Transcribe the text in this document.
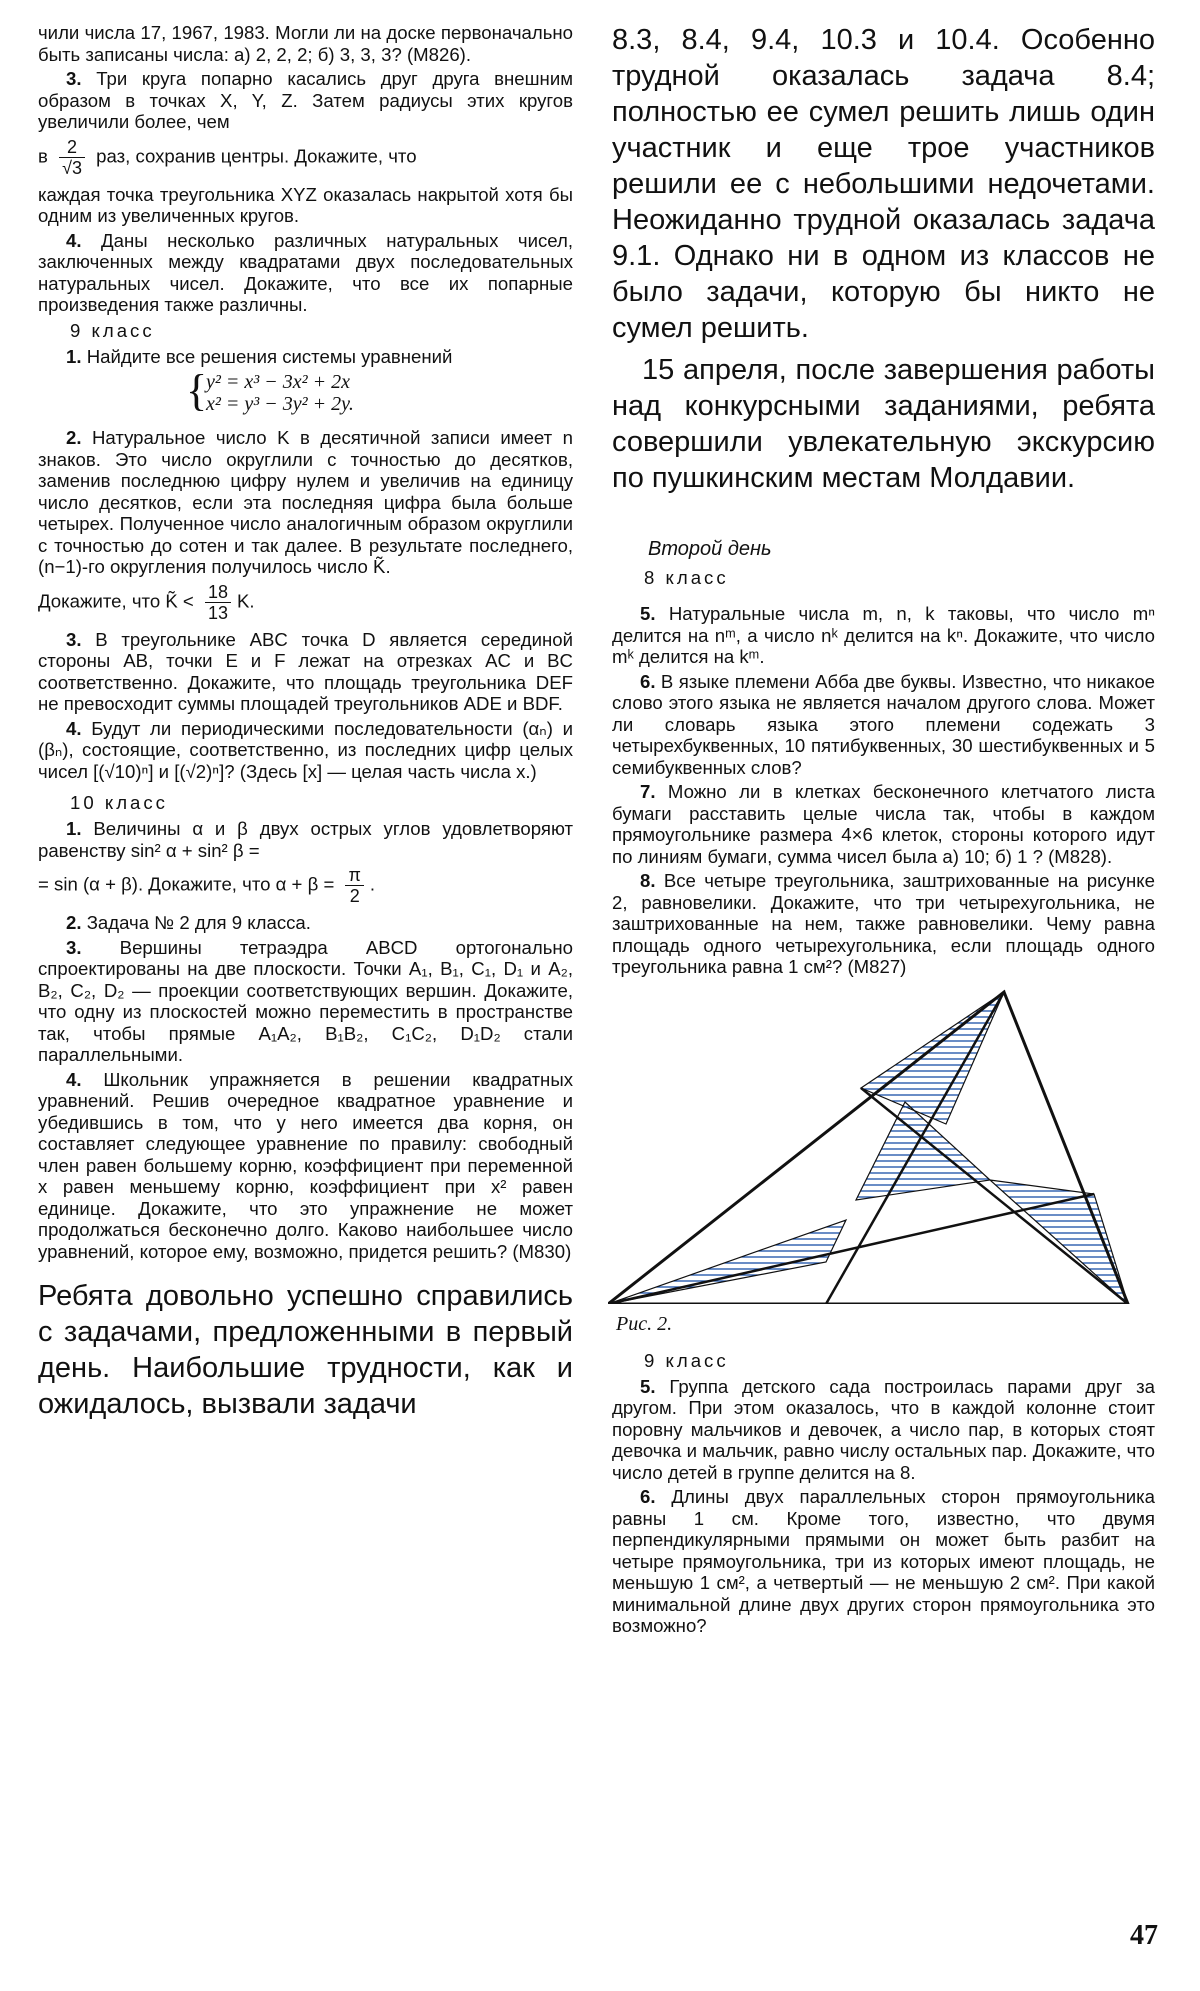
чили числа 17, 1967, 1983. Могли ли на доске первоначально быть записаны числа: а) 2, 2, 2; б) 3, 3, 3? (М826).

3. Три круга попарно касались друг друга внешним образом в точках X, Y, Z. Затем радиусы этих кругов увеличили более, чем

в $\frac{2}{√3}$ раз, сохранив центры. Докажите, что

каждая точка треугольника XYZ оказалась накрытой хотя бы одним из увеличенных кругов.

4. Даны несколько различных натуральных чисел, заключенных между квадратами двух последовательных натуральных чисел. Докажите, что все их попарные произведения также различны.

9 класс

1. Найдите все решения системы уравнений

{
y² = x³ − 3x² + 2x
x² = y³ − 3y² + 2y.

2. Натуральное число K в десятичной записи имеет n знаков. Это число округлили с точностью до десятков, заменив последнюю цифру нулем и увеличив на единицу число десятков, если эта последняя цифра была больше четырех. Полученное число аналогичным образом округлили с точностью до сотен и так далее. В результате последнего, (n−1)-го округления получилось число K̃.

Докажите, что K̃ < $\frac{18}{13} K$.

3. В треугольнике ABC точка D является серединой стороны AB, точки E и F лежат на отрезках AC и BC соответственно. Докажите, что площадь треугольника DEF не превосходит суммы площадей треугольников ADE и BDF.

4. Будут ли периодическими последовательности (αₙ) и (βₙ), состоящие, соответственно, из последних цифр целых чисел [(√10)ⁿ] и [(√2)ⁿ]? (Здесь [x] — целая часть числа x.)

10 класс

1. Величины α и β двух острых углов удовлетворяют равенству sin² α + sin² β =

= sin (α + β). Докажите, что $\alpha + \beta = \frac{\pi}{2}$ .

2. Задача № 2 для 9 класса.

3. Вершины тетраэдра ABCD ортогонально спроектированы на две плоскости. Точки A₁, B₁, C₁, D₁ и A₂, B₂, C₂, D₂ — проекции соответствующих вершин. Докажите, что одну из плоскостей можно переместить в пространстве так, чтобы прямые A₁A₂, B₁B₂, C₁C₂, D₁D₂ стали параллельными.

4. Школьник упражняется в решении квадратных уравнений. Решив очередное квадратное уравнение и убедившись в том, что у него имеется два корня, он составляет следующее уравнение по правилу: свободный член равен большему корню, коэффициент при переменной x равен меньшему корню, коэффициент при x² равен единице. Докажите, что это упражнение не может продолжаться бесконечно долго. Каково наибольшее число уравнений, которое ему, возможно, придется решить? (М830)

Ребята довольно успешно справились с задачами, предложенными в первый день. Наибольшие трудности, как и ожидалось, вызвали задачи

8.3, 8.4, 9.4, 10.3 и 10.4. Особенно трудной оказалась задача 8.4; полностью ее сумел решить лишь один участник и еще трое участников решили ее с небольшими недочетами. Неожиданно трудной оказалась задача 9.1. Однако ни в одном из классов не было задачи, которую бы никто не сумел решить.

15 апреля, после завершения работы над конкурсными заданиями, ребята совершили увлекательную экскурсию по пушкинским местам Молдавии.

Второй день
8 класс

5. Натуральные числа m, n, k таковы, что число mⁿ делится на nᵐ, а число nᵏ делится на kⁿ. Докажите, что число mᵏ делится на kᵐ.

6. В языке племени Абба две буквы. Известно, что никакое слово этого языка не является началом другого слова. Может ли словарь языка этого племени содежать 3 четырехбуквенных, 10 пятибуквенных, 30 шестибуквенных и 5 семибуквенных слов?

7. Можно ли в клетках бесконечного клетчатого листа бумаги расставить целые числа так, чтобы в каждом прямоугольнике размера 4×6 клеток, стороны которого идут по линиям бумаги, сумма чисел была а) 10; б) 1 ? (М828).

8. Все четыре треугольника, заштрихованные на рисунке 2, равновелики. Докажите, что три четырехугольника, не заштрихованные на нем, также равновелики. Чему равна площадь одного четырехугольника, если площадь одного треугольника равна 1 см²? (М827)

Рис. 2.
9 класс

5. Группа детского сада построилась парами друг за другом. При этом оказалось, что в каждой колонне стоит поровну мальчиков и девочек, а число пар, в которых стоят девочка и мальчик, равно числу остальных пар. Докажите, что число детей в группе делится на 8.

6. Длины двух параллельных сторон прямоугольника равны 1 см. Кроме того, известно, что двумя перпендикулярными прямыми он может быть разбит на четыре прямоугольника, три из которых имеют площадь, не меньшую 1 см², а четвертый — не меньшую 2 см². При какой минимальной длине двух других сторон прямоугольника это возможно?

47
